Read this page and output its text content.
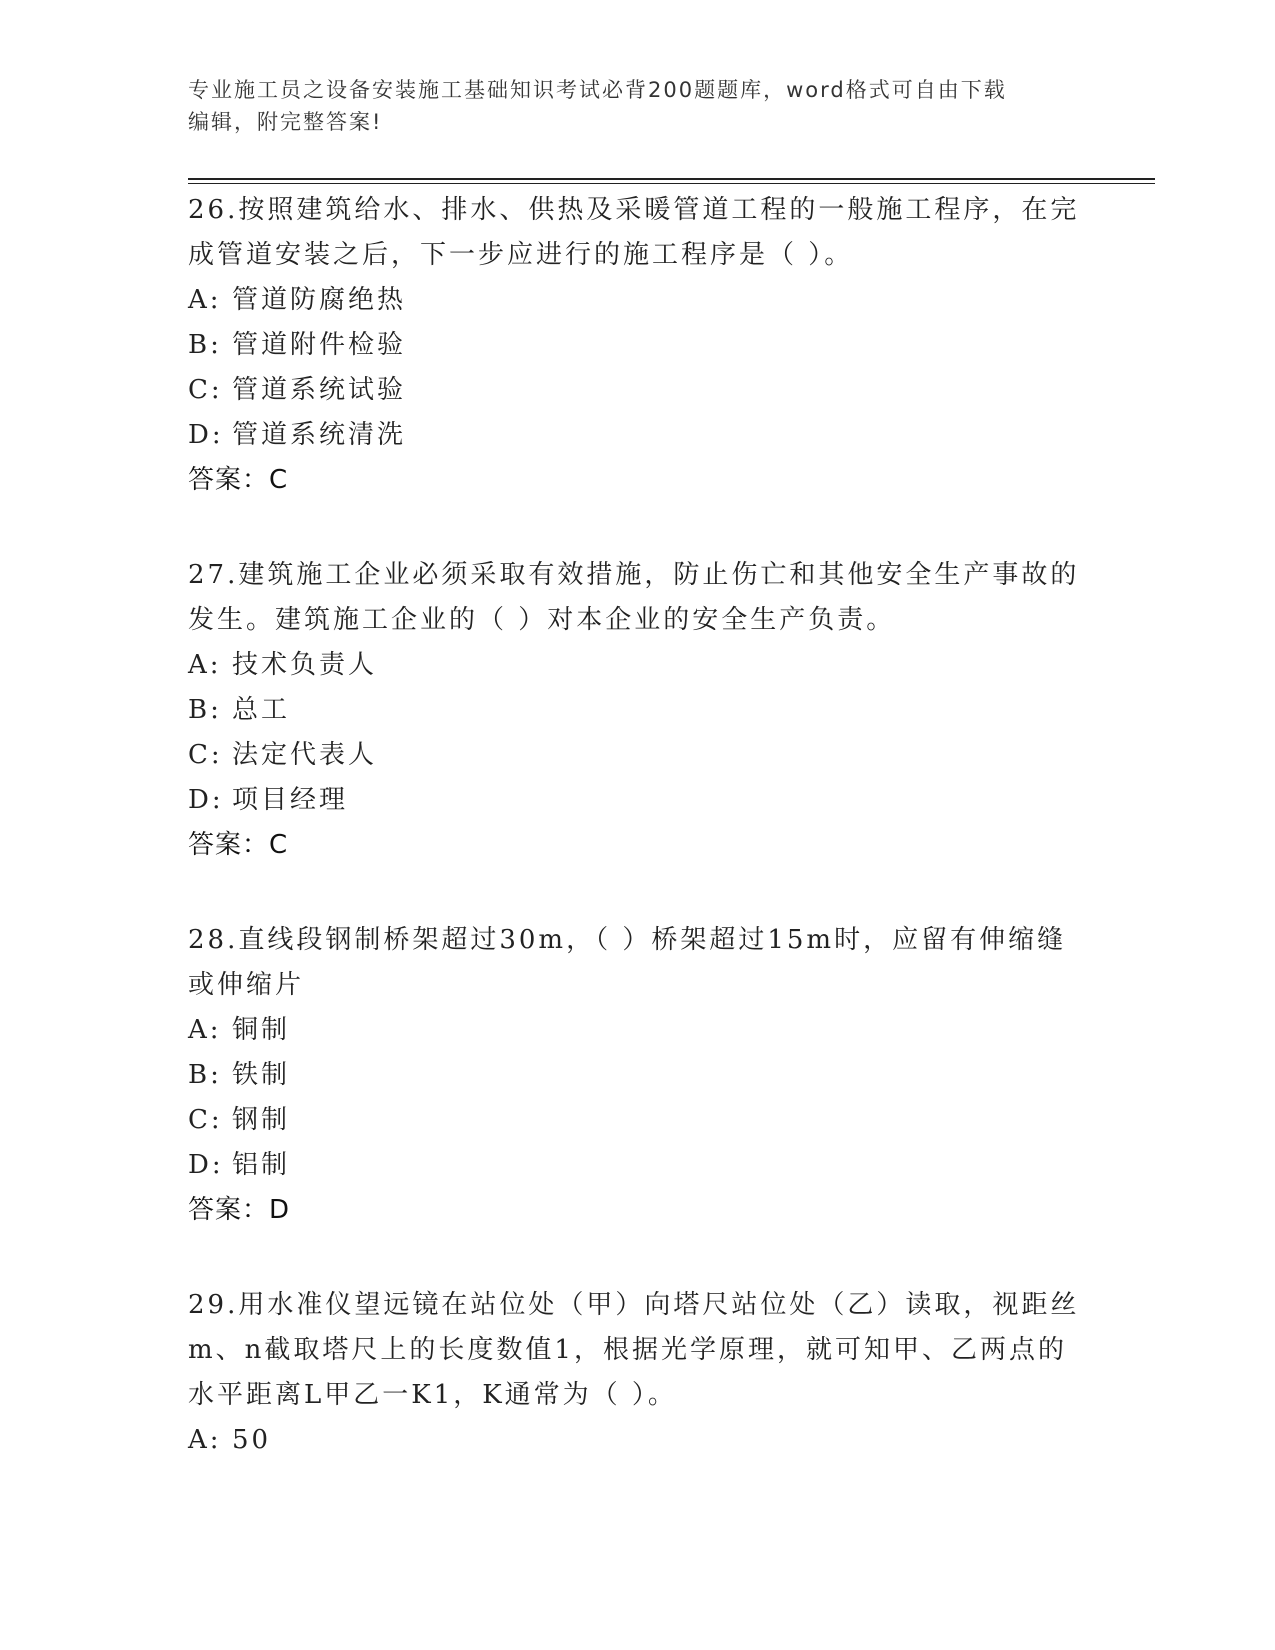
专业施工员之设备安装施工基础知识考试必背200题题库，word格式可自由下载
编辑，附完整答案!

26.按照建筑给水、排水、供热及采暖管道工程的一般施工程序，在完成管道安装之后，下一步应进行的施工程序是（ ）。

A: 管道防腐绝热

B: 管道附件检验

C: 管道系统试验

D: 管道系统清洗

答案：C

27.建筑施工企业必须采取有效措施，防止伤亡和其他安全生产事故的发生。建筑施工企业的（ ）对本企业的安全生产负责。

A: 技术负责人

B: 总工

C: 法定代表人

D: 项目经理

答案：C

28.直线段钢制桥架超过30m，（ ）桥架超过15m时，应留有伸缩缝或伸缩片

A: 铜制

B: 铁制

C: 钢制

D: 铝制

答案：D

29.用水准仪望远镜在站位处（甲）向塔尺站位处（乙）读取，视距丝m、n截取塔尺上的长度数值1，根据光学原理，就可知甲、乙两点的水平距离L甲乙一K1，K通常为（ ）。

A: 50
